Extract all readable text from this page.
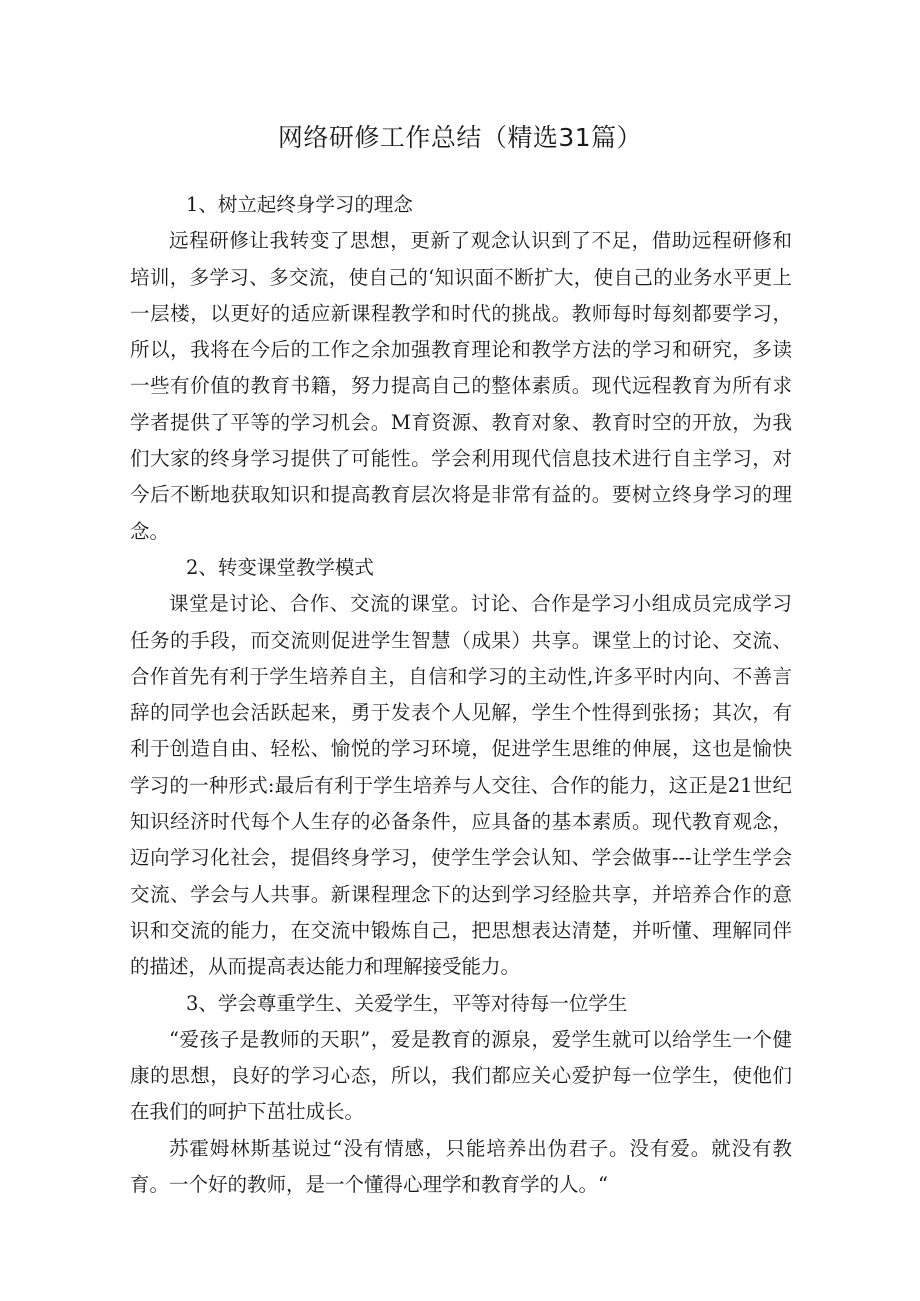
网络研修工作总结（精选31篇）

1、树立起终身学习的理念

远程研修让我转变了思想，更新了观念认识到了不足，借助远程研修和培训，多学习、多交流，使自己的‘知识面不断扩大，使自己的业务水平更上一层楼，以更好的适应新课程教学和时代的挑战。教师每时每刻都要学习，所以，我将在今后的工作之余加强教育理论和教学方法的学习和研究，多读一些有价值的教育书籍，努力提高自己的整体素质。现代远程教育为所有求学者提供了平等的学习机会。M育资源、教育对象、教育时空的开放，为我们大家的终身学习提供了可能性。学会利用现代信息技术进行自主学习，对今后不断地获取知识和提高教育层次将是非常有益的。要树立终身学习的理念。

2、转变课堂教学模式

课堂是讨论、合作、交流的课堂。讨论、合作是学习小组成员完成学习任务的手段，而交流则促进学生智慧（成果）共享。课堂上的讨论、交流、合作首先有利于学生培养自主，自信和学习的主动性,许多平时内向、不善言辞的同学也会活跃起来，勇于发表个人见解，学生个性得到张扬；其次，有利于创造自由、轻松、愉悦的学习环境，促进学生思维的伸展，这也是愉快学习的一种形式:最后有利于学生培养与人交往、合作的能力，这正是21世纪知识经济时代每个人生存的必备条件，应具备的基本素质。现代教育观念，迈向学习化社会，提倡终身学习，使学生学会认知、学会做事---让学生学会交流、学会与人共事。新课程理念下的达到学习经脸共享，并培养合作的意识和交流的能力，在交流中锻炼自己，把思想表达清楚，并听懂、理解同伴的描述，从而提高表达能力和理解接受能力。

3、学会尊重学生、关爱学生，平等对待每一位学生

“爱孩子是教师的天职”，爱是教育的源泉，爱学生就可以给学生一个健康的思想，良好的学习心态，所以，我们都应关心爱护每一位学生，使他们在我们的呵护下茁壮成长。

苏霍姆林斯基说过“没有情感，只能培养出伪君子。没有爱。就没有教育。一个好的教师，是一个懂得心理学和教育学的人。“
